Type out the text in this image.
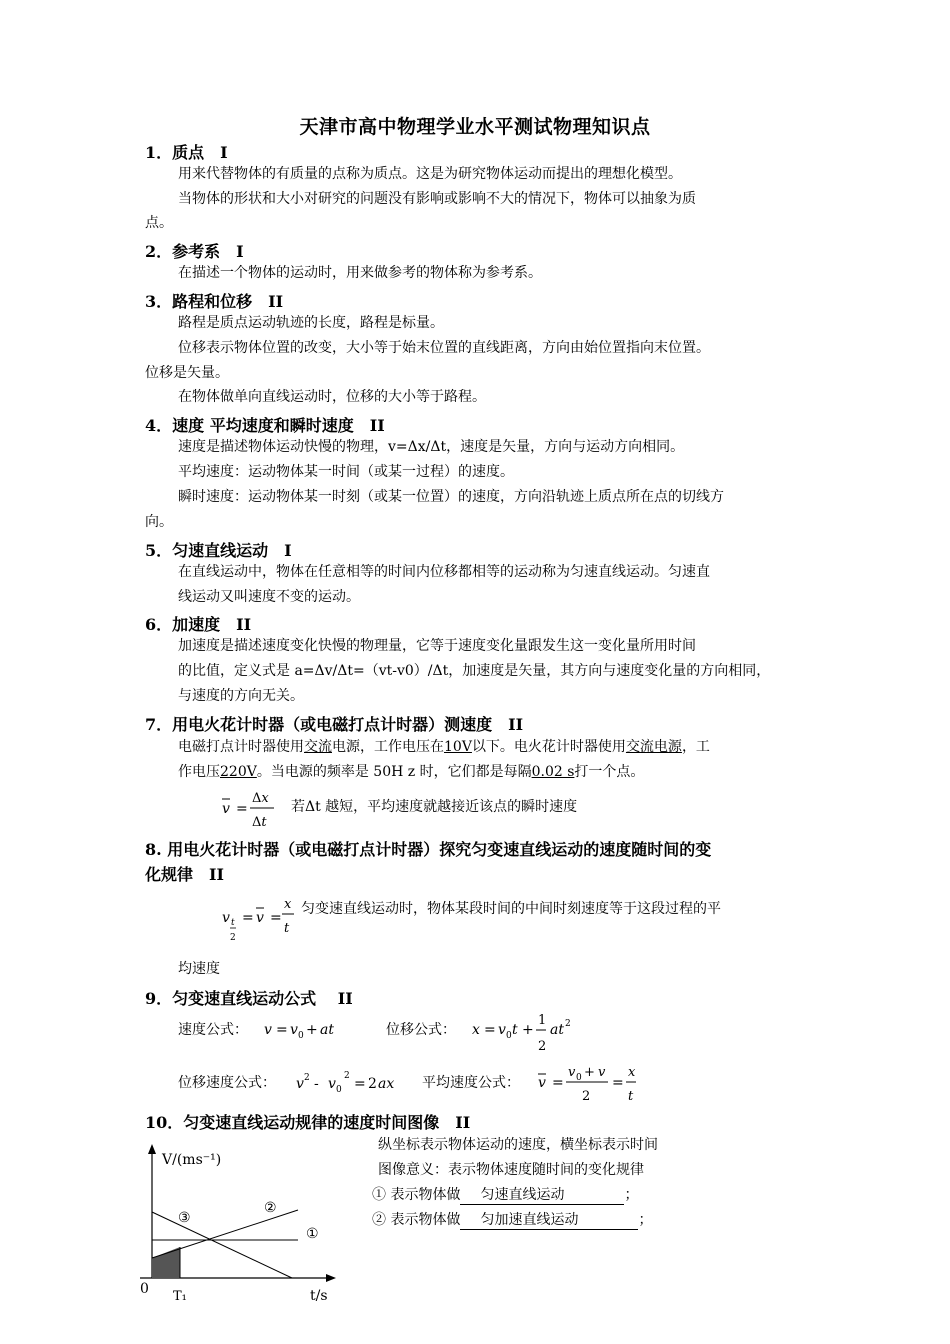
天津市高中物理学业水平测试物理知识点
1．质点　I
用来代替物体的有质量的点称为质点。这是为研究物体运动而提出的理想化模型。
当物体的形状和大小对研究的问题没有影响或影响不大的情况下，物体可以抽象为质
点。
2．参考系　I
在描述一个物体的运动时，用来做参考的物体称为参考系。
3．路程和位移　II
路程是质点运动轨迹的长度，路程是标量。
位移表示物体位置的改变，大小等于始末位置的直线距离，方向由始位置指向末位置。
位移是矢量。
在物体做单向直线运动时，位移的大小等于路程。
4．速度 平均速度和瞬时速度　II
速度是描述物体运动快慢的物理，v=Δx/Δt，速度是矢量，方向与运动方向相同。
平均速度：运动物体某一时间（或某一过程）的速度。
瞬时速度：运动物体某一时刻（或某一位置）的速度，方向沿轨迹上质点所在点的切线方
向。
5．匀速直线运动　I
在直线运动中，物体在任意相等的时间内位移都相等的运动称为匀速直线运动。匀速直
线运动又叫速度不变的运动。
6．加速度　II
加速度是描述速度变化快慢的物理量，它等于速度变化量跟发生这一变化量所用时间
的比值，定义式是 a=Δv/Δt=（vt-v0）/Δt，加速度是矢量，其方向与速度变化量的方向相同，
与速度的方向无关。
7．用电火花计时器（或电磁打点计时器）测速度　II
电磁打点计时器使用交流电源，工作电压在10V以下。电火花计时器使用交流电源，工
作电压220V。当电源的频率是 50H z 时，它们都是每隔0.02 s打一个点。
v =
Δx
Δt
若Δt 越短，平均速度就越接近该点的瞬时速度
8. 用电火花计时器（或电磁打点计时器）探究匀变速直线运动的速度随时间的变
化规律　II
v t
2
= v =
x
t
匀变速直线运动时，物体某段时间的中间时刻速度等于这段过程的平
均速度
9．匀变速直线运动公式　 II
速度公式： v = v 0 + at	位移公式： x = v 0 t +
1
2
at 2
位移速度公式： v 2 - v 0
2 = 2 ax 平均速度公式： v =
v 0 + v
2
=
x
t
10．匀变速直线运动规律的速度时间图像　II
纵坐标表示物体运动的速度，横坐标表示时间
图像意义：表示物体速度随时间的变化规律
① 表示物体做 匀速直线运动	；
② 表示物体做 匀加速直线运动	；
V/(ms⁻¹)
t/s
0 T₁
①
②
③
